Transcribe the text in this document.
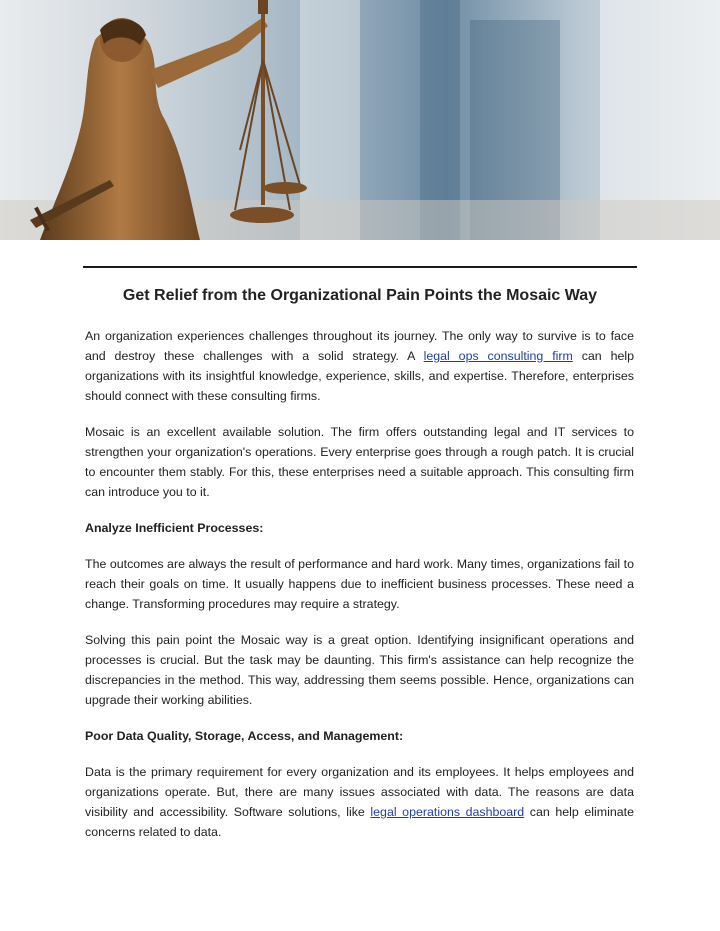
Get Relief from the Organizational Pain Points the Mosaic Way

An organization experiences challenges throughout its journey. The only way to survive is to face and destroy these challenges with a solid strategy. A legal ops consulting firm can help organizations with its insightful knowledge, experience, skills, and expertise. Therefore, enterprises should connect with these consulting firms.

Mosaic is an excellent available solution. The firm offers outstanding legal and IT services to strengthen your organization's operations. Every enterprise goes through a rough patch. It is crucial to encounter them stably. For this, these enterprises need a suitable approach. This consulting firm can introduce you to it.

Analyze Inefficient Processes:

The outcomes are always the result of performance and hard work. Many times, organizations fail to reach their goals on time. It usually happens due to inefficient business processes. These need a change. Transforming procedures may require a strategy.

Solving this pain point the Mosaic way is a great option. Identifying insignificant operations and processes is crucial. But the task may be daunting. This firm's assistance can help recognize the discrepancies in the method. This way, addressing them seems possible. Hence, organizations can upgrade their working abilities.

Poor Data Quality, Storage, Access, and Management:

Data is the primary requirement for every organization and its employees. It helps employees and organizations operate. But, there are many issues associated with data. The reasons are data visibility and accessibility. Software solutions, like legal operations dashboard can help eliminate concerns related to data.
